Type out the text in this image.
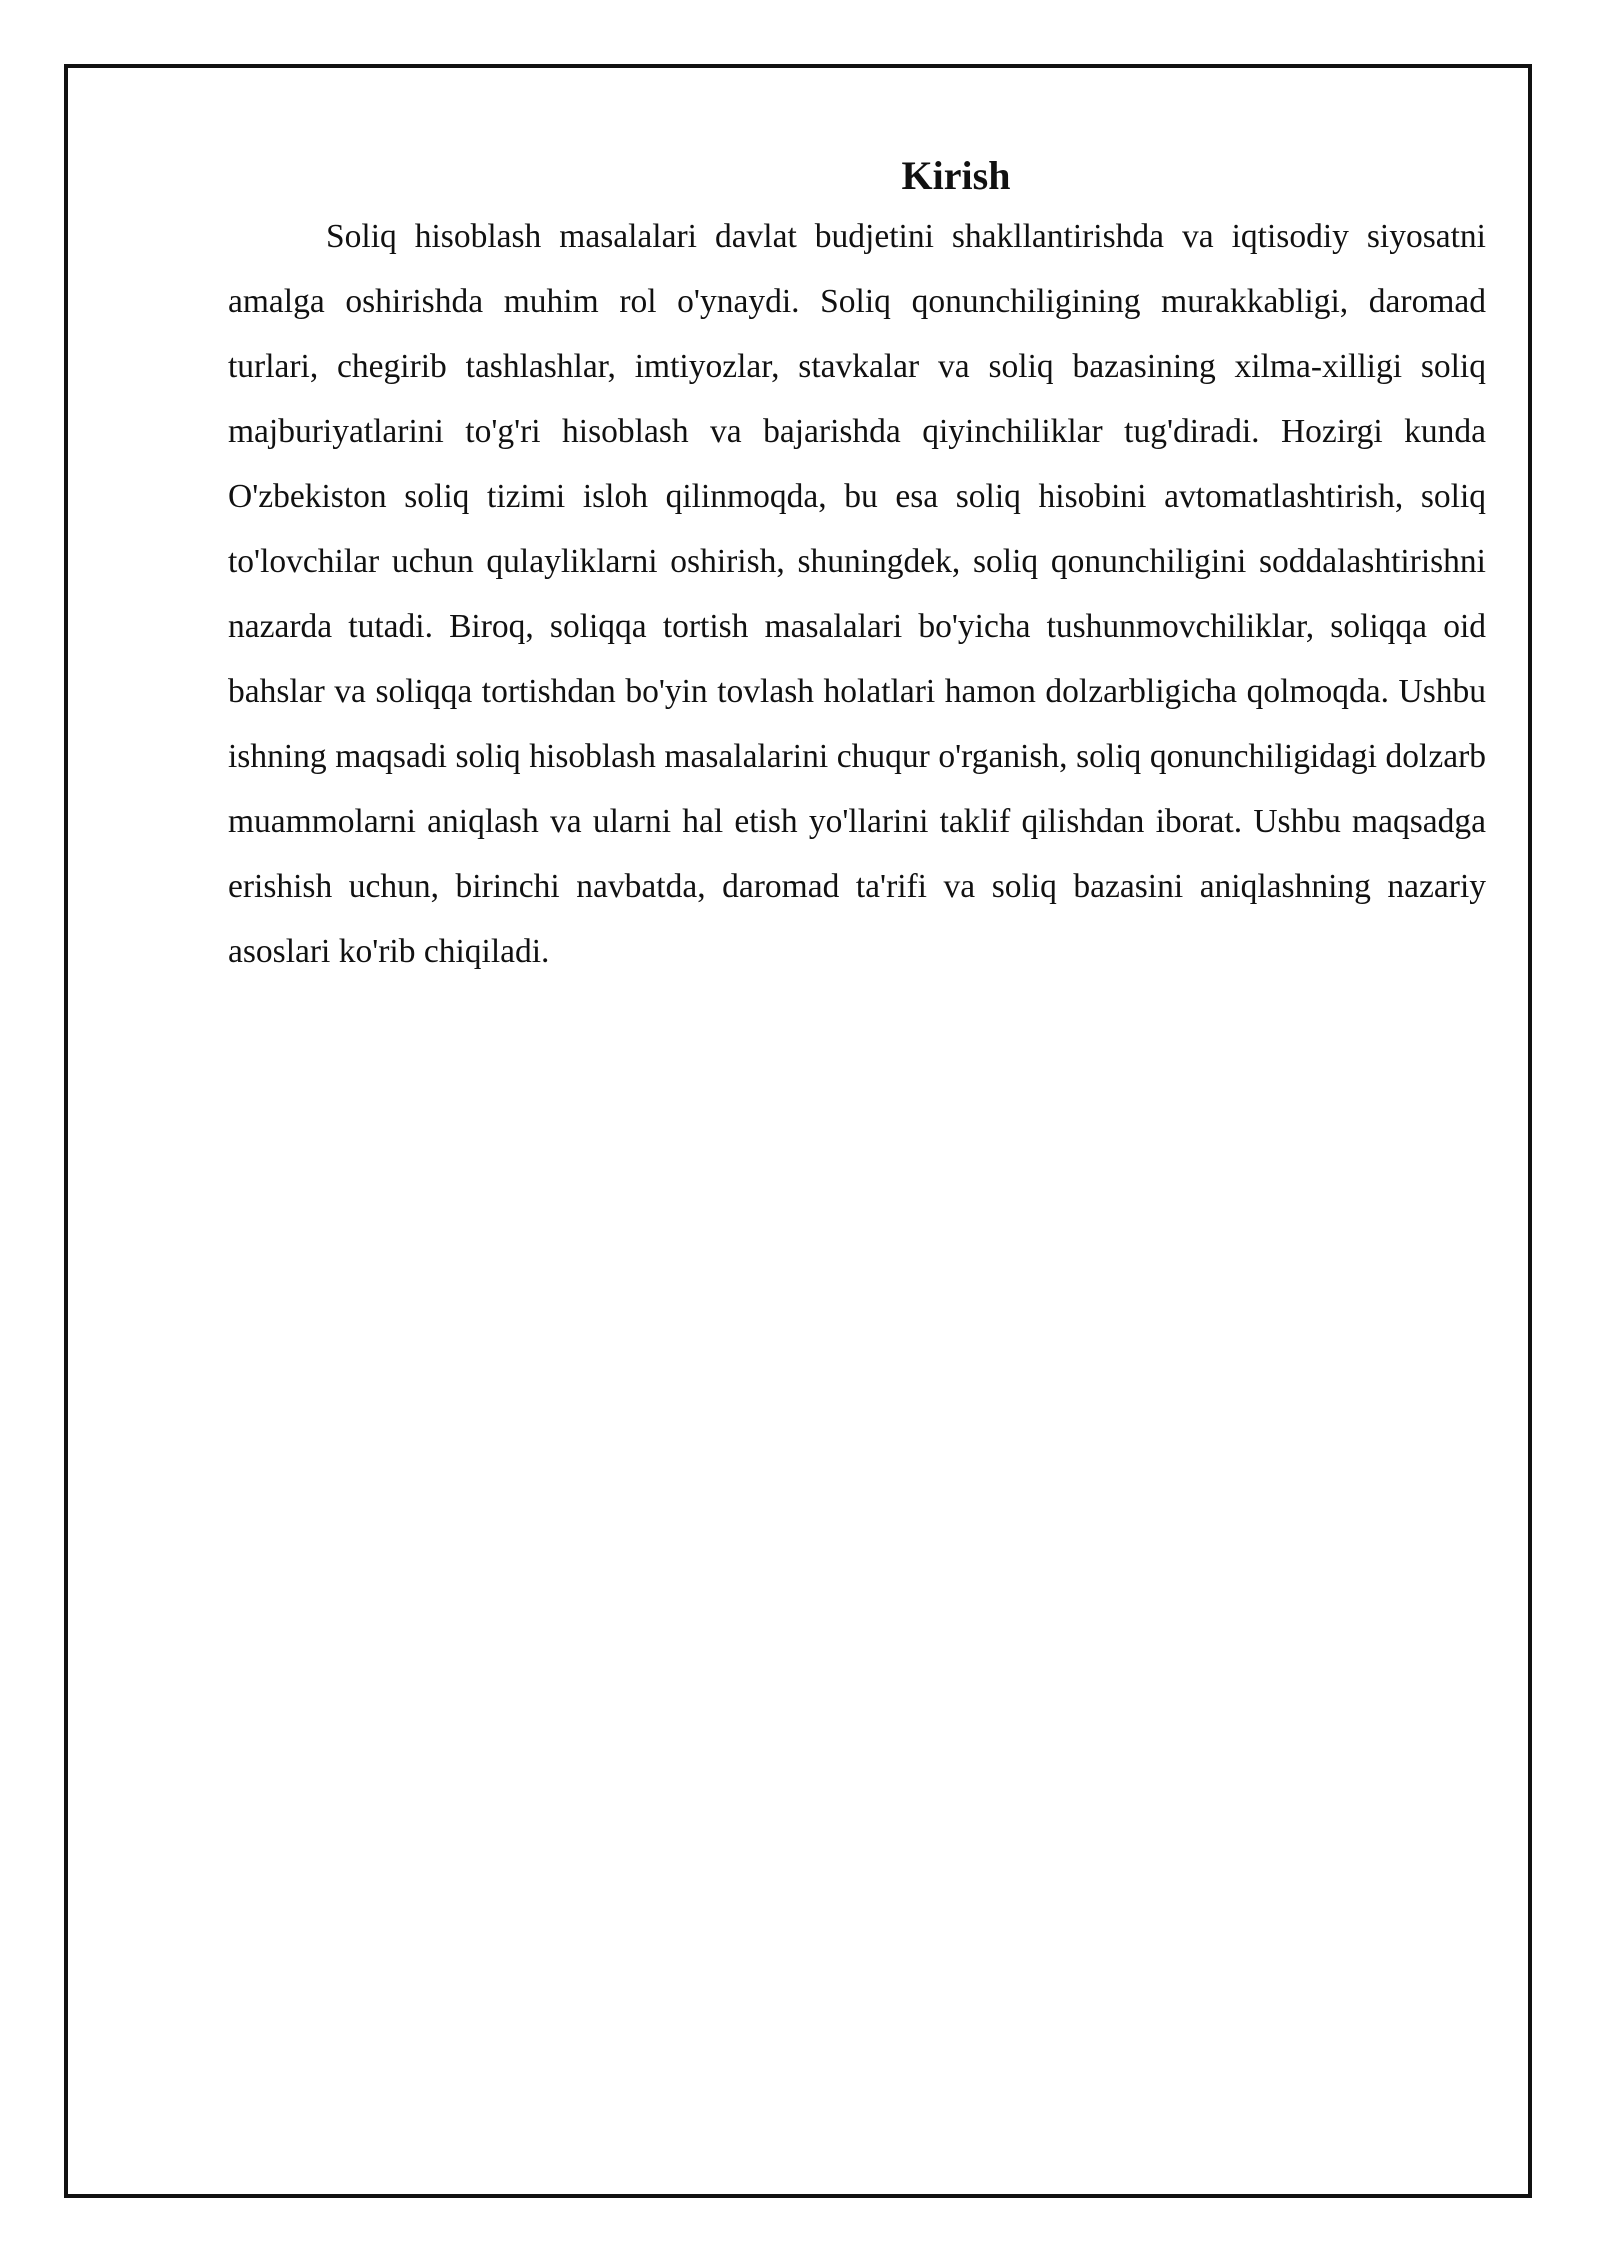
Kirish

Soliq hisoblash masalalari davlat budjetini shakllantirishda va iqtisodiy siyosatni amalga oshirishda muhim rol o'ynaydi. Soliq qonunchiligining murakkabligi, daromad turlari, chegirib tashlashlar, imtiyozlar, stavkalar va soliq bazasining xilma-xilligi soliq majburiyatlarini to'g'ri hisoblash va bajarishda qiyinchiliklar tug'diradi. Hozirgi kunda O'zbekiston soliq tizimi isloh qilinmoqda, bu esa soliq hisobini avtomatlashtirish, soliq to'lovchilar uchun qulayliklarni oshirish, shuningdek, soliq qonunchiligini soddalashtirishni nazarda tutadi. Biroq, soliqqa tortish masalalari bo'yicha tushunmovchiliklar, soliqqa oid bahslar va soliqqa tortishdan bo'yin tovlash holatlari hamon dolzarbligicha qolmoqda. Ushbu ishning maqsadi soliq hisoblash masalalarini chuqur o'rganish, soliq qonunchiligidagi dolzarb muammolarni aniqlash va ularni hal etish yo'llarini taklif qilishdan iborat. Ushbu maqsadga erishish uchun, birinchi navbatda, daromad ta'rifi va soliq bazasini aniqlashning nazariy asoslari ko'rib chiqiladi.
